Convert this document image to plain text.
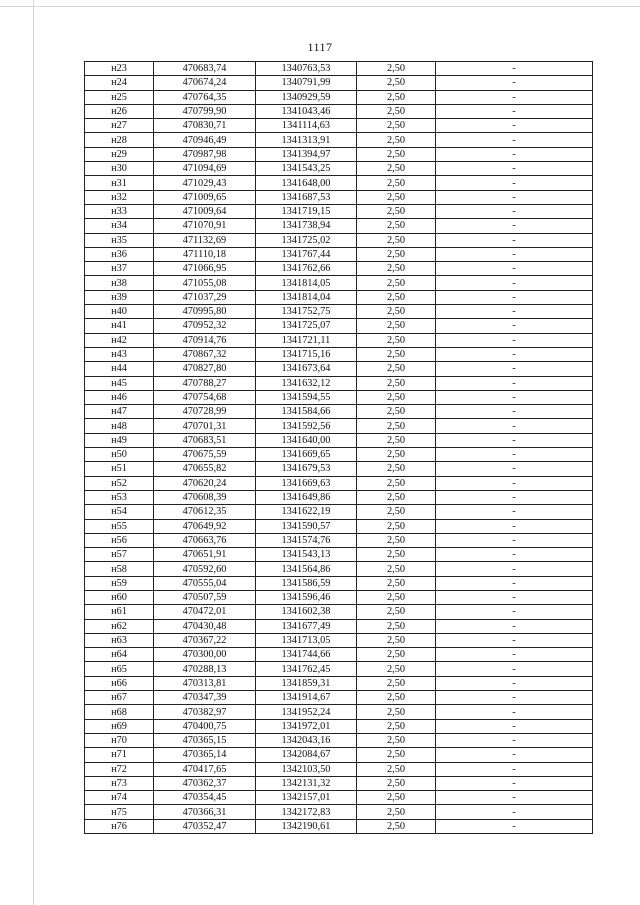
1117
н23	470683,74	1340763,53	2,50	-
н24	470674,24	1340791,99	2,50	-
н25	470764,35	1340929,59	2,50	-
н26	470799,90	1341043,46	2,50	-
н27	470830,71	1341114,63	2,50	-
н28	470946,49	1341313,91	2,50	-
н29	470987,98	1341394,97	2,50	-
н30	471094,69	1341543,25	2,50	-
н31	471029,43	1341648,00	2,50	-
н32	471009,65	1341687,53	2,50	-
н33	471009,64	1341719,15	2,50	-
н34	471070,91	1341738,94	2,50	-
н35	471132,69	1341725,02	2,50	-
н36	471110,18	1341767,44	2,50	-
н37	471066,95	1341762,66	2,50	-
н38	471055,08	1341814,05	2,50	-
н39	471037,29	1341814,04	2,50	-
н40	470995,80	1341752,75	2,50	-
н41	470952,32	1341725,07	2,50	-
н42	470914,76	1341721,11	2,50	-
н43	470867,32	1341715,16	2,50	-
н44	470827,80	1341673,64	2,50	-
н45	470788,27	1341632,12	2,50	-
н46	470754,68	1341594,55	2,50	-
н47	470728,99	1341584,66	2,50	-
н48	470701,31	1341592,56	2,50	-
н49	470683,51	1341640,00	2,50	-
н50	470675,59	1341669,65	2,50	-
н51	470655,82	1341679,53	2,50	-
н52	470620,24	1341669,63	2,50	-
н53	470608,39	1341649,86	2,50	-
н54	470612,35	1341622,19	2,50	-
н55	470649,92	1341590,57	2,50	-
н56	470663,76	1341574,76	2,50	-
н57	470651,91	1341543,13	2,50	-
н58	470592,60	1341564,86	2,50	-
н59	470555,04	1341586,59	2,50	-
н60	470507,59	1341596,46	2,50	-
н61	470472,01	1341602,38	2,50	-
н62	470430,48	1341677,49	2,50	-
н63	470367,22	1341713,05	2,50	-
н64	470300,00	1341744,66	2,50	-
н65	470288,13	1341762,45	2,50	-
н66	470313,81	1341859,31	2,50	-
н67	470347,39	1341914,67	2,50	-
н68	470382,97	1341952,24	2,50	-
н69	470400,75	1341972,01	2,50	-
н70	470365,15	1342043,16	2,50	-
н71	470365,14	1342084,67	2,50	-
н72	470417,65	1342103,50	2,50	-
н73	470362,37	1342131,32	2,50	-
н74	470354,45	1342157,01	2,50	-
н75	470366,31	1342172,83	2,50	-
н76	470352,47	1342190,61	2,50	-
